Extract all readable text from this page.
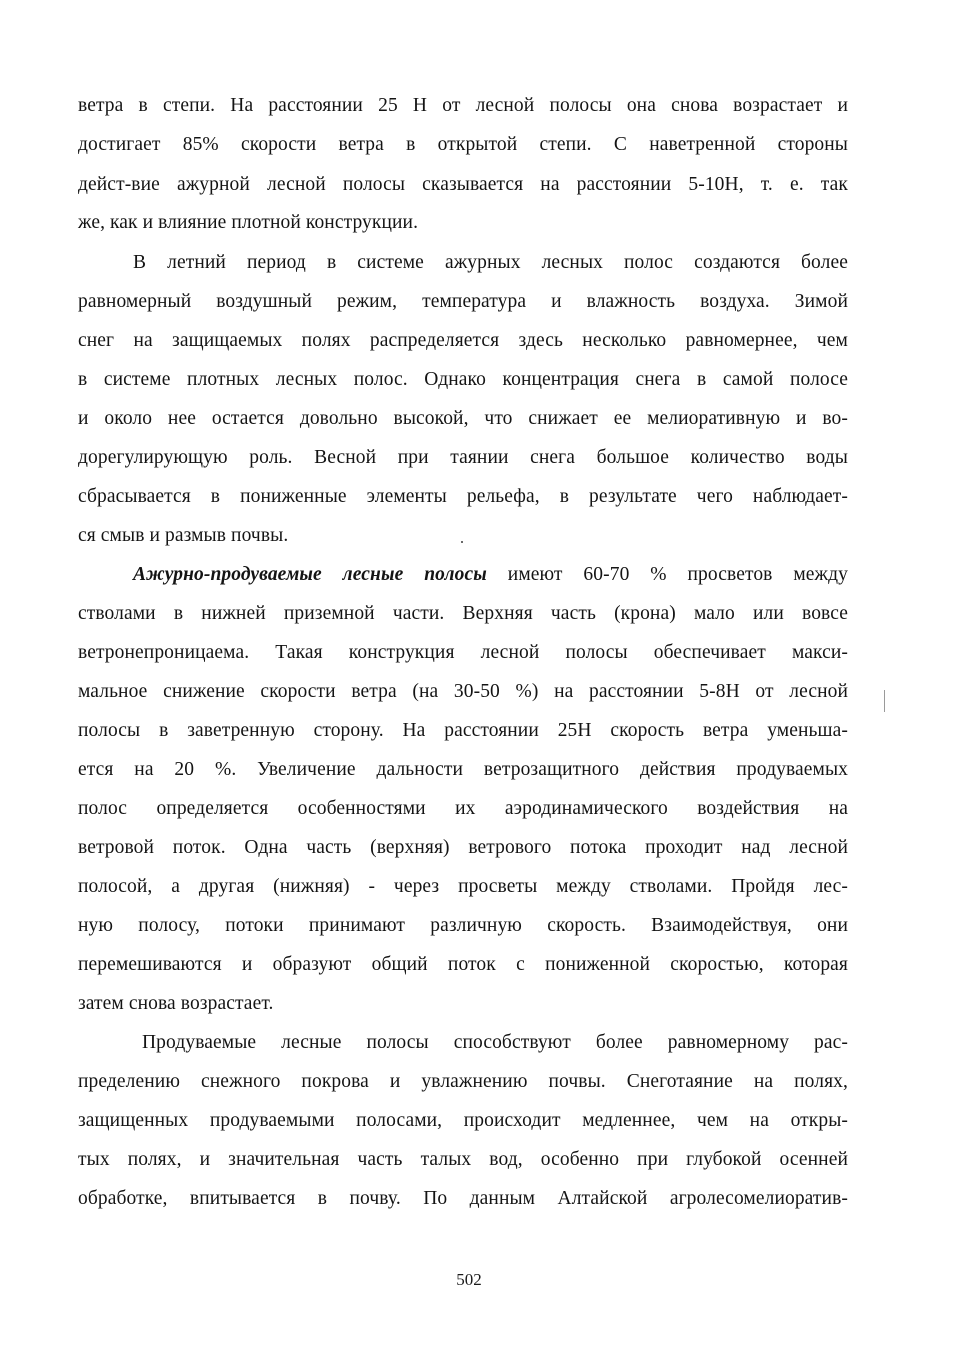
ветра в степи. На расстоянии 25 Н от лесной полосы она снова возрастает и
достигает 85% скорости ветра в открытой степи. С наветренной стороны
дейст-вие ажурной лесной полосы сказывается на расстоянии 5-10Н, т. е. так
же, как и влияние плотной конструкции.
В летний период в системе ажурных лесных полос создаются более
равномерный воздушный режим, температура и влажность воздуха. Зимой
снег на защищаемых полях распределяется здесь несколько равномернее, чем
в системе плотных лесных полос. Однако концентрация снега в самой полосе
и около нее остается довольно высокой, что снижает ее мелиоративную и во-
дорегулирующую роль. Весной при таянии снега большое количество воды
сбрасывается в пониженные элементы рельефа, в результате чего наблюдает-
ся смыв и размыв почвы.
Ажурно-продуваемые лесные полосы имеют 60-70 % просветов между
стволами в нижней приземной части. Верхняя часть (крона) мало или вовсе
ветронепроницаема. Такая конструкция лесной полосы обеспечивает макси-
мальное снижение скорости ветра (на 30-50 %) на расстоянии 5-8Н от лесной
полосы в заветренную сторону. На расстоянии 25Н скорость ветра уменьша-
ется на 20 %. Увеличение дальности ветрозащитного действия продуваемых
полос определяется особенностями их аэродинамического воздействия на
ветровой поток. Одна часть (верхняя) ветрового потока проходит над лесной
полосой, а другая (нижняя) - через просветы между стволами. Пройдя лес-
ную полосу, потоки принимают различную скорость. Взаимодействуя, они
перемешиваются и образуют общий поток с пониженной скоростью, которая
затем снова возрастает.
Продуваемые лесные полосы способствуют более равномерному рас-
пределению снежного покрова и увлажнению почвы. Снеготаяние на полях,
защищенных продуваемыми полосами, происходит медленнее, чем на откры-
тых полях, и значительная часть талых вод, особенно при глубокой осенней
обработке, впитывается в почву. По данным Алтайской агролесомелиоратив-
502
